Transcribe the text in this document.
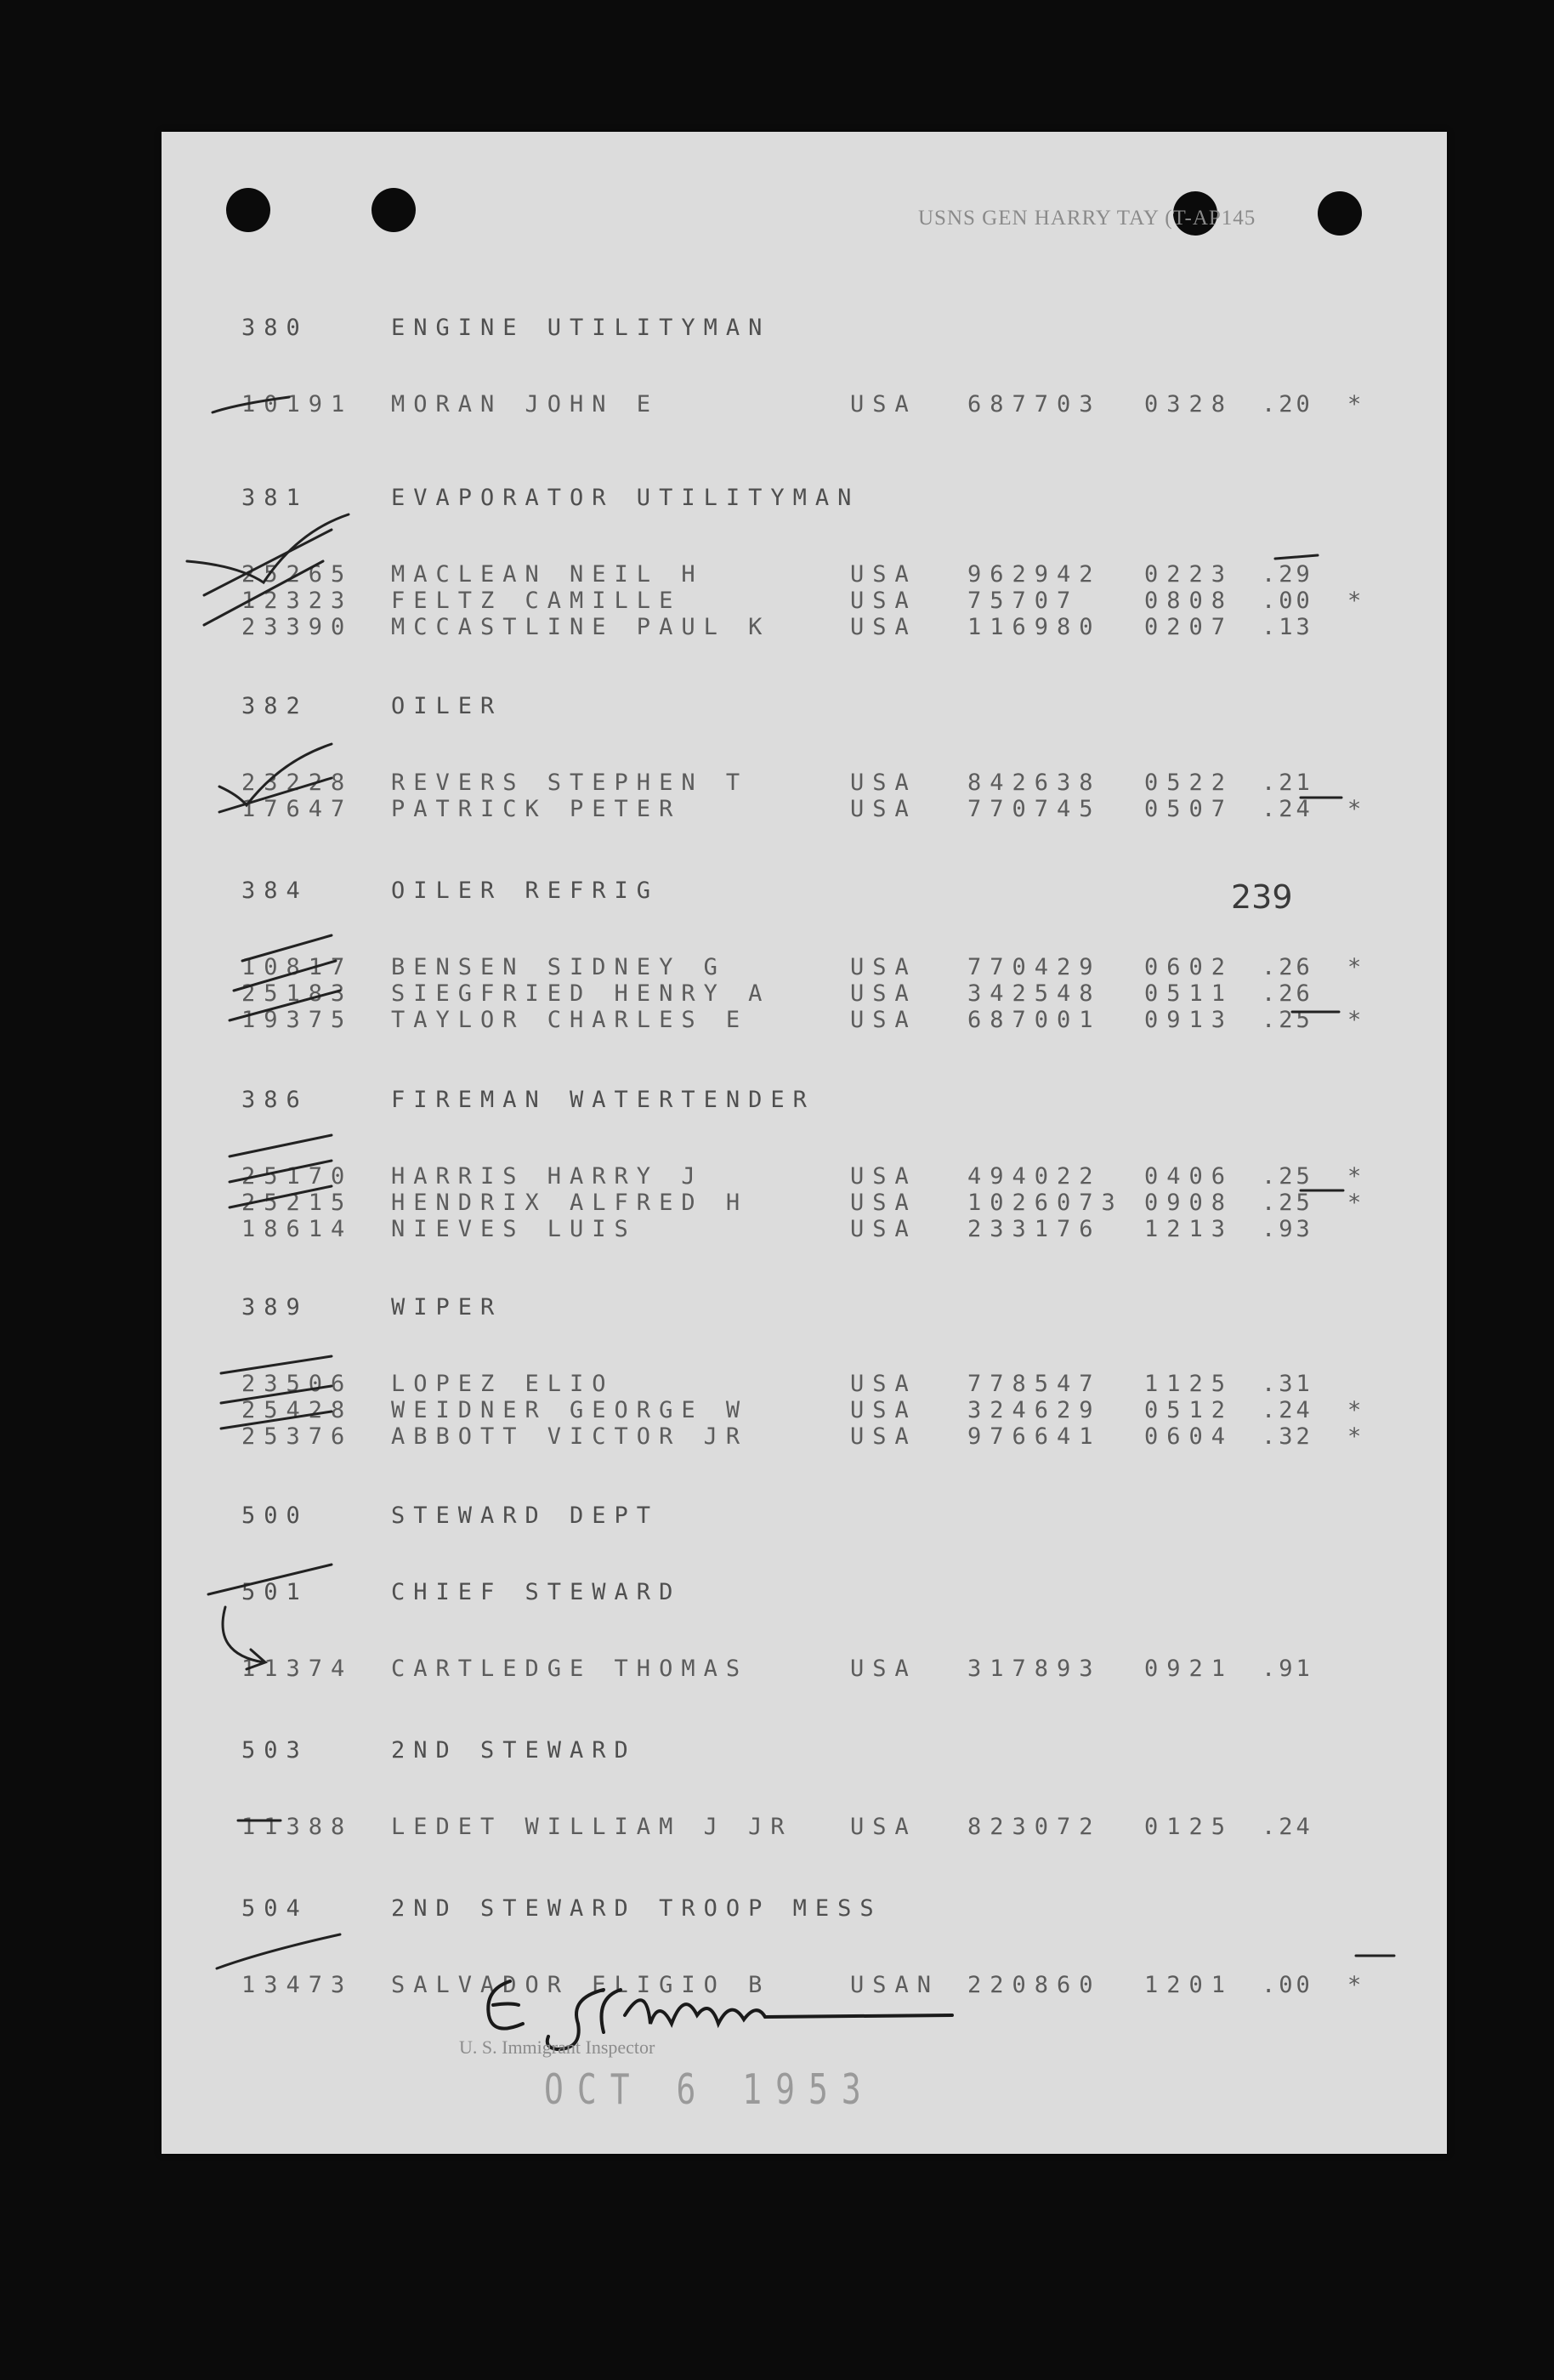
USNS GEN HARRY TAY (T-AP145
239
380	ENGINE UTILITYMAN
10191 MORAN JOHN E	USA 687703 0328 .20 *
381	EVAPORATOR UTILITYMAN
25265 MACLEAN NEIL H	USA 962942 0223 .29
12323 FELTZ CAMILLE	USA 75707	0808 .00 *
23390 MCCASTLINE PAUL K	USA 116980 0207 .13
382	OILER
23228 REVERS STEPHEN T	USA 842638 0522 .21
17647 PATRICK PETER	USA 770745 0507 .24 *
384	OILER REFRIG
10817 BENSEN SIDNEY G	USA 770429 0602 .26 *
25183 SIEGFRIED HENRY A	USA 342548 0511 .26
19375 TAYLOR CHARLES E	USA 687001 0913 .25 *
386	FIREMAN WATERTENDER
25170 HARRIS HARRY J	USA 494022 0406 .25 *
25215 HENDRIX ALFRED H	USA 1026073 0908 .25 *
18614 NIEVES LUIS	USA 233176 1213 .93
389	WIPER
23506 LOPEZ ELIO	USA 778547 1125 .31
25428 WEIDNER GEORGE W	USA 324629 0512 .24 *
25376 ABBOTT VICTOR JR	USA 976641 0604 .32 *
500	STEWARD DEPT
501	CHIEF STEWARD
11374 CARTLEDGE THOMAS	USA 317893 0921 .91
503	2ND STEWARD
11388 LEDET WILLIAM J JR USA 823072 0125 .24
504	2ND STEWARD TROOP MESS
13473 SALVADOR ELIGIO B	USAN 220860 1201 .00 *
U. S. Immigrant Inspector
OCT 6 1953
